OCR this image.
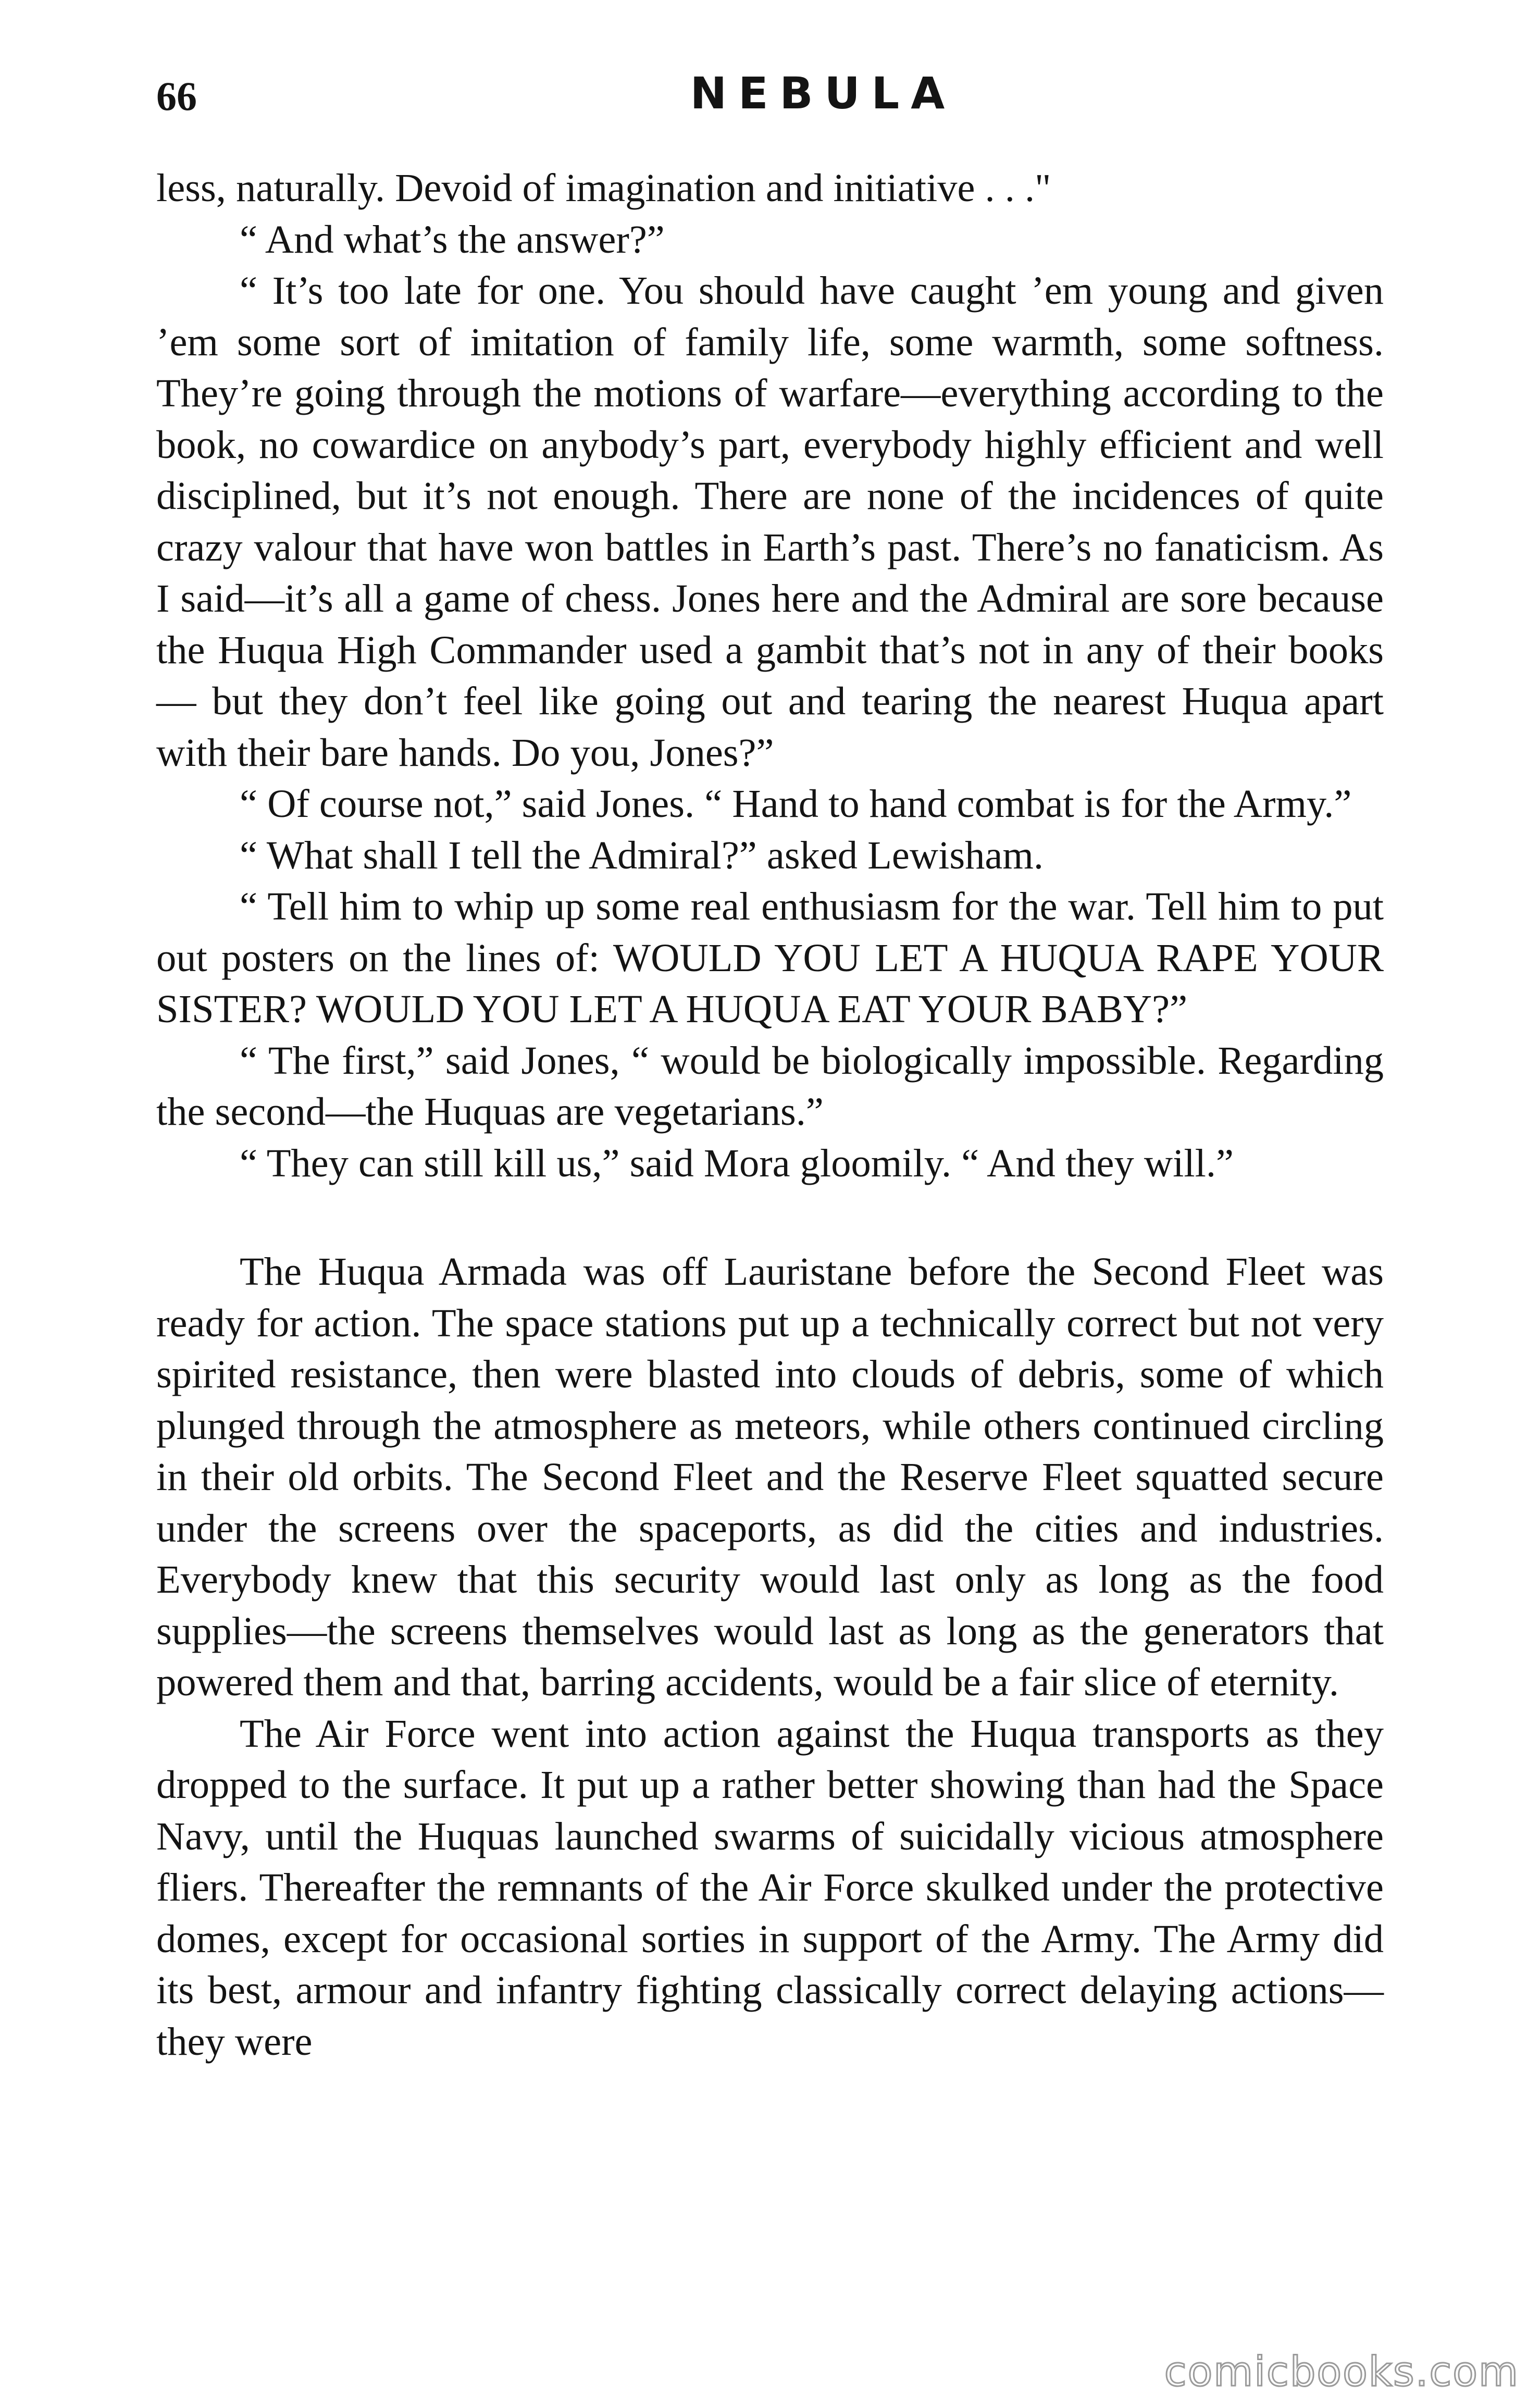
66	NEBULA

less, naturally. Devoid of imagination and initiative . . ."

“ And what’s the answer?”

“ It’s too late for one. You should have caught ’em young and given ’em some sort of imitation of family life, some warmth, some softness. They’re going through the motions of warfare—everything according to the book, no cowardice on anybody’s part, everybody highly efficient and well disciplined, but it’s not enough. There are none of the incidences of quite crazy valour that have won battles in Earth’s past. There’s no fanaticism. As I said—it’s all a game of chess. Jones here and the Admiral are sore because the Huqua High Commander used a gambit that’s not in any of their books— but they don’t feel like going out and tearing the nearest Huqua apart with their bare hands. Do you, Jones?”

“ Of course not,” said Jones. “ Hand to hand combat is for the Army.”

“ What shall I tell the Admiral?” asked Lewisham.

“ Tell him to whip up some real enthusiasm for the war. Tell him to put out posters on the lines of: WOULD YOU LET A HUQUA RAPE YOUR SISTER? WOULD YOU LET A HUQUA EAT YOUR BABY?”

“ The first,” said Jones, “ would be biologically impossible. Regarding the second—the Huquas are vegetarians.”

“ They can still kill us,” said Mora gloomily. “ And they will.”

The Huqua Armada was off Lauristane before the Second Fleet was ready for action. The space stations put up a technically correct but not very spirited resistance, then were blasted into clouds of debris, some of which plunged through the atmosphere as meteors, while others continued circling in their old orbits. The Second Fleet and the Reserve Fleet squatted secure under the screens over the spaceports, as did the cities and industries. Everybody knew that this security would last only as long as the food supplies—the screens themselves would last as long as the generators that powered them and that, barring accidents, would be a fair slice of eternity.

The Air Force went into action against the Huqua transports as they dropped to the surface. It put up a rather better showing than had the Space Navy, until the Huquas launched swarms of suicidally vicious atmosphere fliers. Thereafter the remnants of the Air Force skulked under the protective domes, except for occasional sorties in support of the Army. The Army did its best, armour and infantry fighting classically correct delaying actions—they were

comicbooks.com
